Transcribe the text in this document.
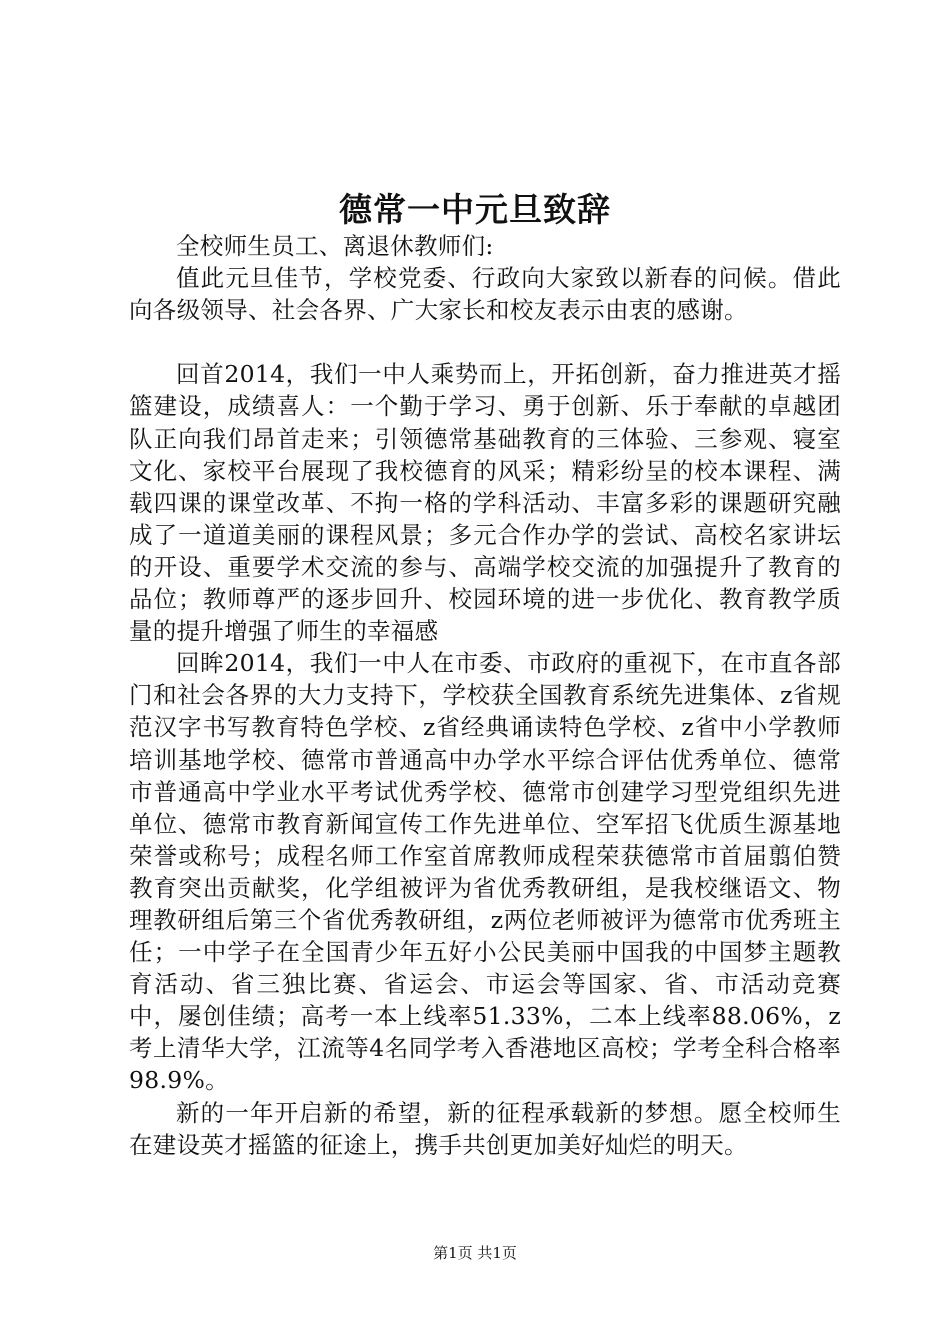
德常一中元旦致辞

全校师生员工、离退休教师们:

值此元旦佳节，学校党委、行政向大家致以新春的问候。借此向各级领导、社会各界、广大家长和校友表示由衷的感谢。

回首2014，我们一中人乘势而上，开拓创新，奋力推进英才摇篮建设，成绩喜人：一个勤于学习、勇于创新、乐于奉献的卓越团队正向我们昂首走来；引领德常基础教育的三体验、三参观、寝室文化、家校平台展现了我校德育的风采；精彩纷呈的校本课程、满载四课的课堂改革、不拘一格的学科活动、丰富多彩的课题研究融成了一道道美丽的课程风景；多元合作办学的尝试、高校名家讲坛的开设、重要学术交流的参与、高端学校交流的加强提升了教育的品位；教师尊严的逐步回升、校园环境的进一步优化、教育教学质量的提升增强了师生的幸福感

回眸2014，我们一中人在市委、市政府的重视下，在市直各部门和社会各界的大力支持下，学校获全国教育系统先进集体、z省规范汉字书写教育特色学校、z省经典诵读特色学校、z省中小学教师培训基地学校、德常市普通高中办学水平综合评估优秀单位、德常市普通高中学业水平考试优秀学校、德常市创建学习型党组织先进单位、德常市教育新闻宣传工作先进单位、空军招飞优质生源基地荣誉或称号；成程名师工作室首席教师成程荣获德常市首届翦伯赞教育突出贡献奖，化学组被评为省优秀教研组，是我校继语文、物理教研组后第三个省优秀教研组，z两位老师被评为德常市优秀班主任；一中学子在全国青少年五好小公民美丽中国我的中国梦主题教育活动、省三独比赛、省运会、市运会等国家、省、市活动竞赛中，屡创佳绩；高考一本上线率51.33%，二本上线率88.06%，z考上清华大学，江流等4名同学考入香港地区高校；学考全科合格率98.9%。

新的一年开启新的希望，新的征程承载新的梦想。愿全校师生在建设英才摇篮的征途上，携手共创更加美好灿烂的明天。

第1页 共1页
